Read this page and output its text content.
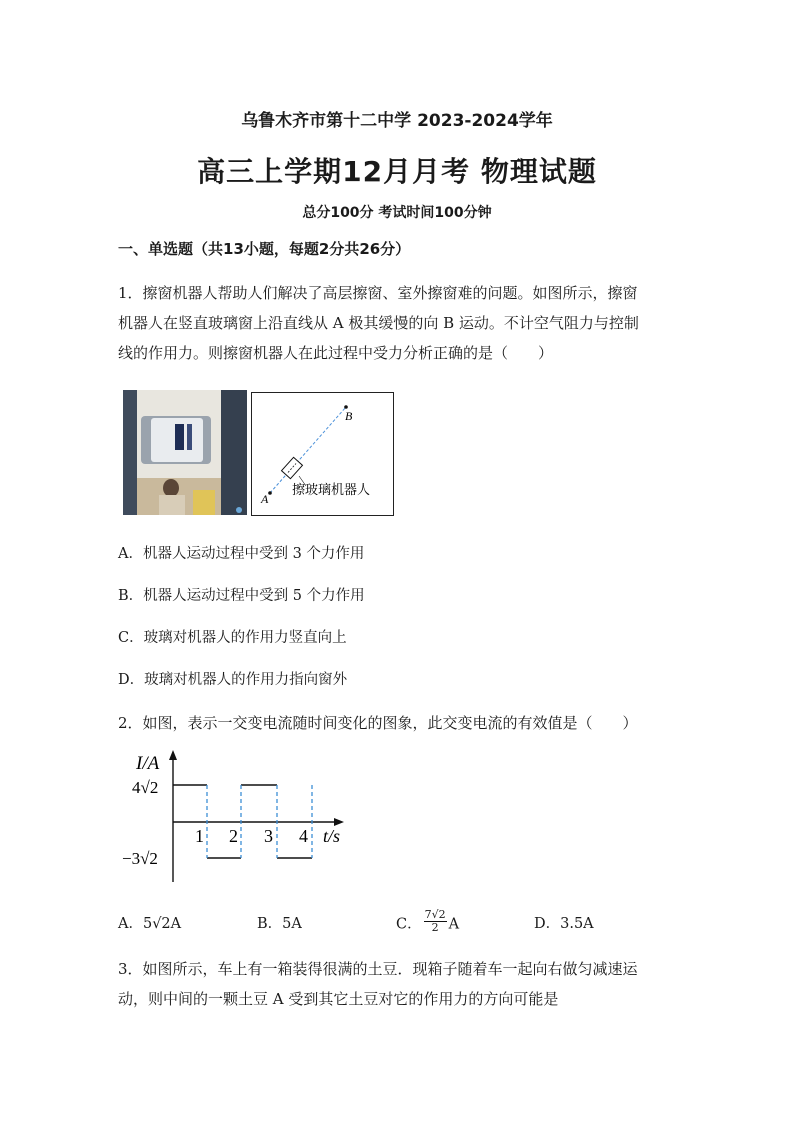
乌鲁木齐市第十二中学 2023-2024学年
高三上学期12月月考 物理试题
总分100分 考试时间100分钟
一、单选题（共13小题，每题2分共26分）
1．擦窗机器人帮助人们解决了高层擦窗、室外擦窗难的问题。如图所示，擦窗
机器人在竖直玻璃窗上沿直线从 A 极其缓慢的向 B 运动。不计空气阻力与控制
线的作用力。则擦窗机器人在此过程中受力分析正确的是（　　）
A
B
擦玻璃机器人
A．机器人运动过程中受到 3 个力作用
B．机器人运动过程中受到 5 个力作用
C．玻璃对机器人的作用力竖直向上
D．玻璃对机器人的作用力指向窗外
2．如图，表示一交变电流随时间变化的图象，此交变电流的有效值是（　　）
I/A
4√2
−3√2
1 2 3 4 t/s
A．5√2A	B．5A	C． $\frac{7√2}{2}$ A	D．3.5A
3．如图所示，车上有一箱装得很满的土豆．现箱子随着车一起向右做匀减速运
动，则中间的一颗土豆 A 受到其它土豆对它的作用力的方向可能是
